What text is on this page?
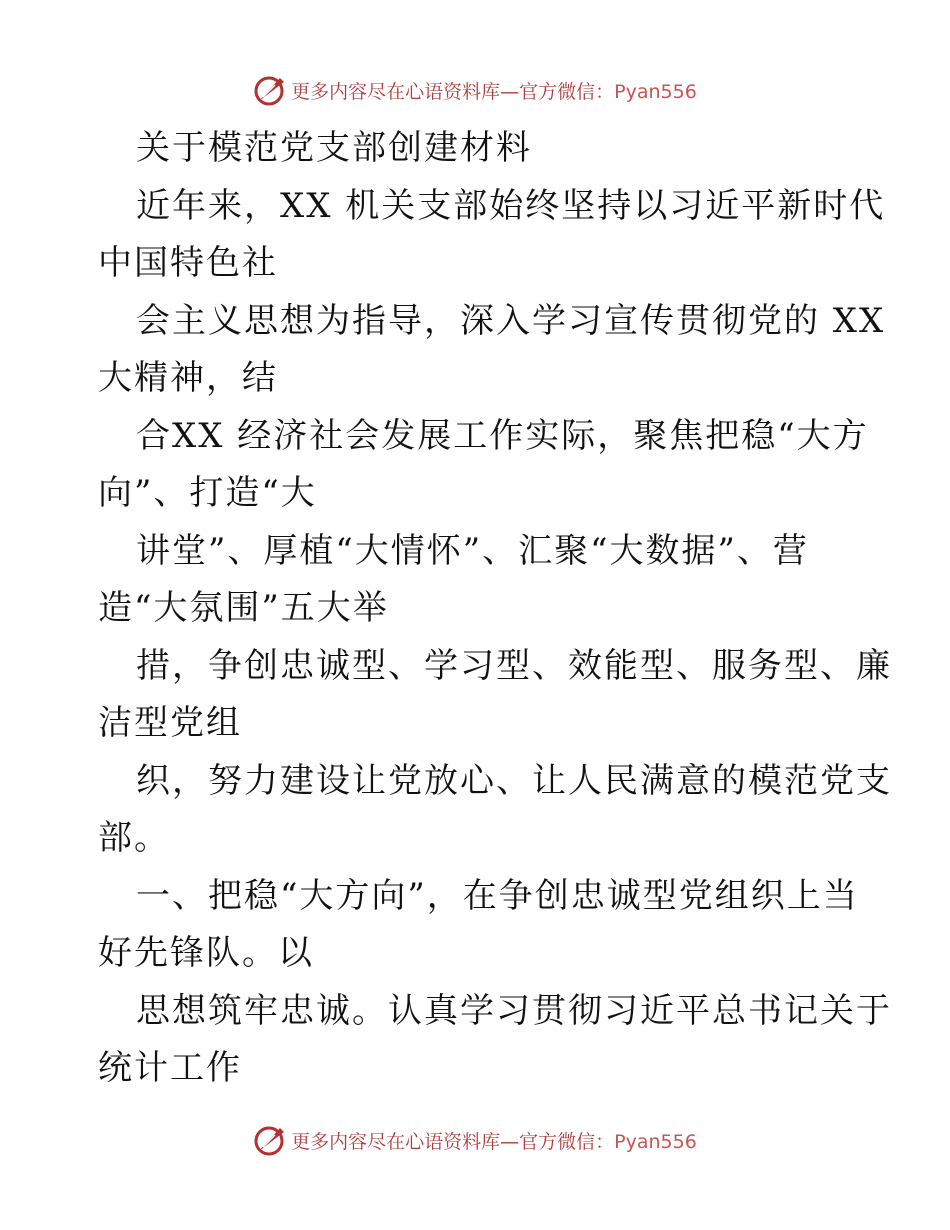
更多内容尽在心语资料库—官方微信：Pyan556
关于模范党支部创建材料
近年来，XX 机关支部始终坚持以习近平新时代
中国特色社
会主义思想为指导，深入学习宣传贯彻党的 XX
大精神，结
合XX 经济社会发展工作实际，聚焦把稳“大方
向”、打造“大
讲堂”、厚植“大情怀”、汇聚“大数据”、营
造“大氛围”五大举
措，争创忠诚型、学习型、效能型、服务型、廉
洁型党组
织，努力建设让党放心、让人民满意的模范党支
部。
一、把稳“大方向”，在争创忠诚型党组织上当
好先锋队。以
思想筑牢忠诚。认真学习贯彻习近平总书记关于
统计工作
更多内容尽在心语资料库—官方微信：Pyan556
